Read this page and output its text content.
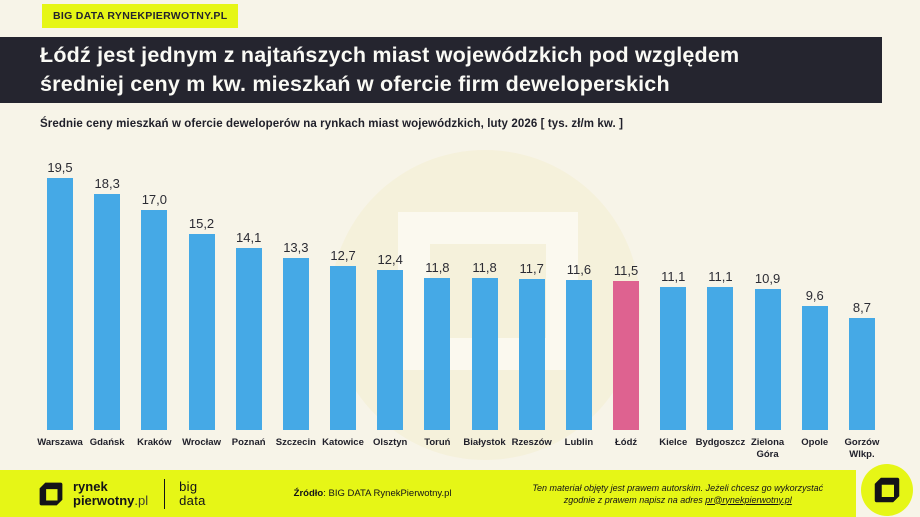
BIG DATA RYNEKPIERWOTNY.PL
Łódź jest jednym z najtańszych miast wojewódzkich pod względem
średniej ceny m kw. mieszkań w ofercie firm deweloperskich
Średnie ceny mieszkań w ofercie deweloperów na rynkach miast wojewódzkich, luty 2026 [ tys. zł/m kw. ]
19,5
Warszawa
18,3
Gdańsk
17,0
Kraków
15,2
Wrocław
14,1
Poznań
13,3
Szczecin
12,7
Katowice
12,4
Olsztyn
11,8
Toruń
11,8
Białystok
11,7
Rzeszów
11,6
Lublin
11,5
Łódź
11,1
Kielce
11,1
Bydgoszcz
10,9
Zielona Góra
9,6
Opole
8,7
Gorzów Wlkp.
rynek
pierwotny.pl
big
data	Źródło: BIG DATA RynekPierwotny.pl
Ten materiał objęty jest prawem autorskim. Jeżeli chcesz go wykorzystać
zgodnie z prawem napisz na adres pr@rynekpierwotny.pl
